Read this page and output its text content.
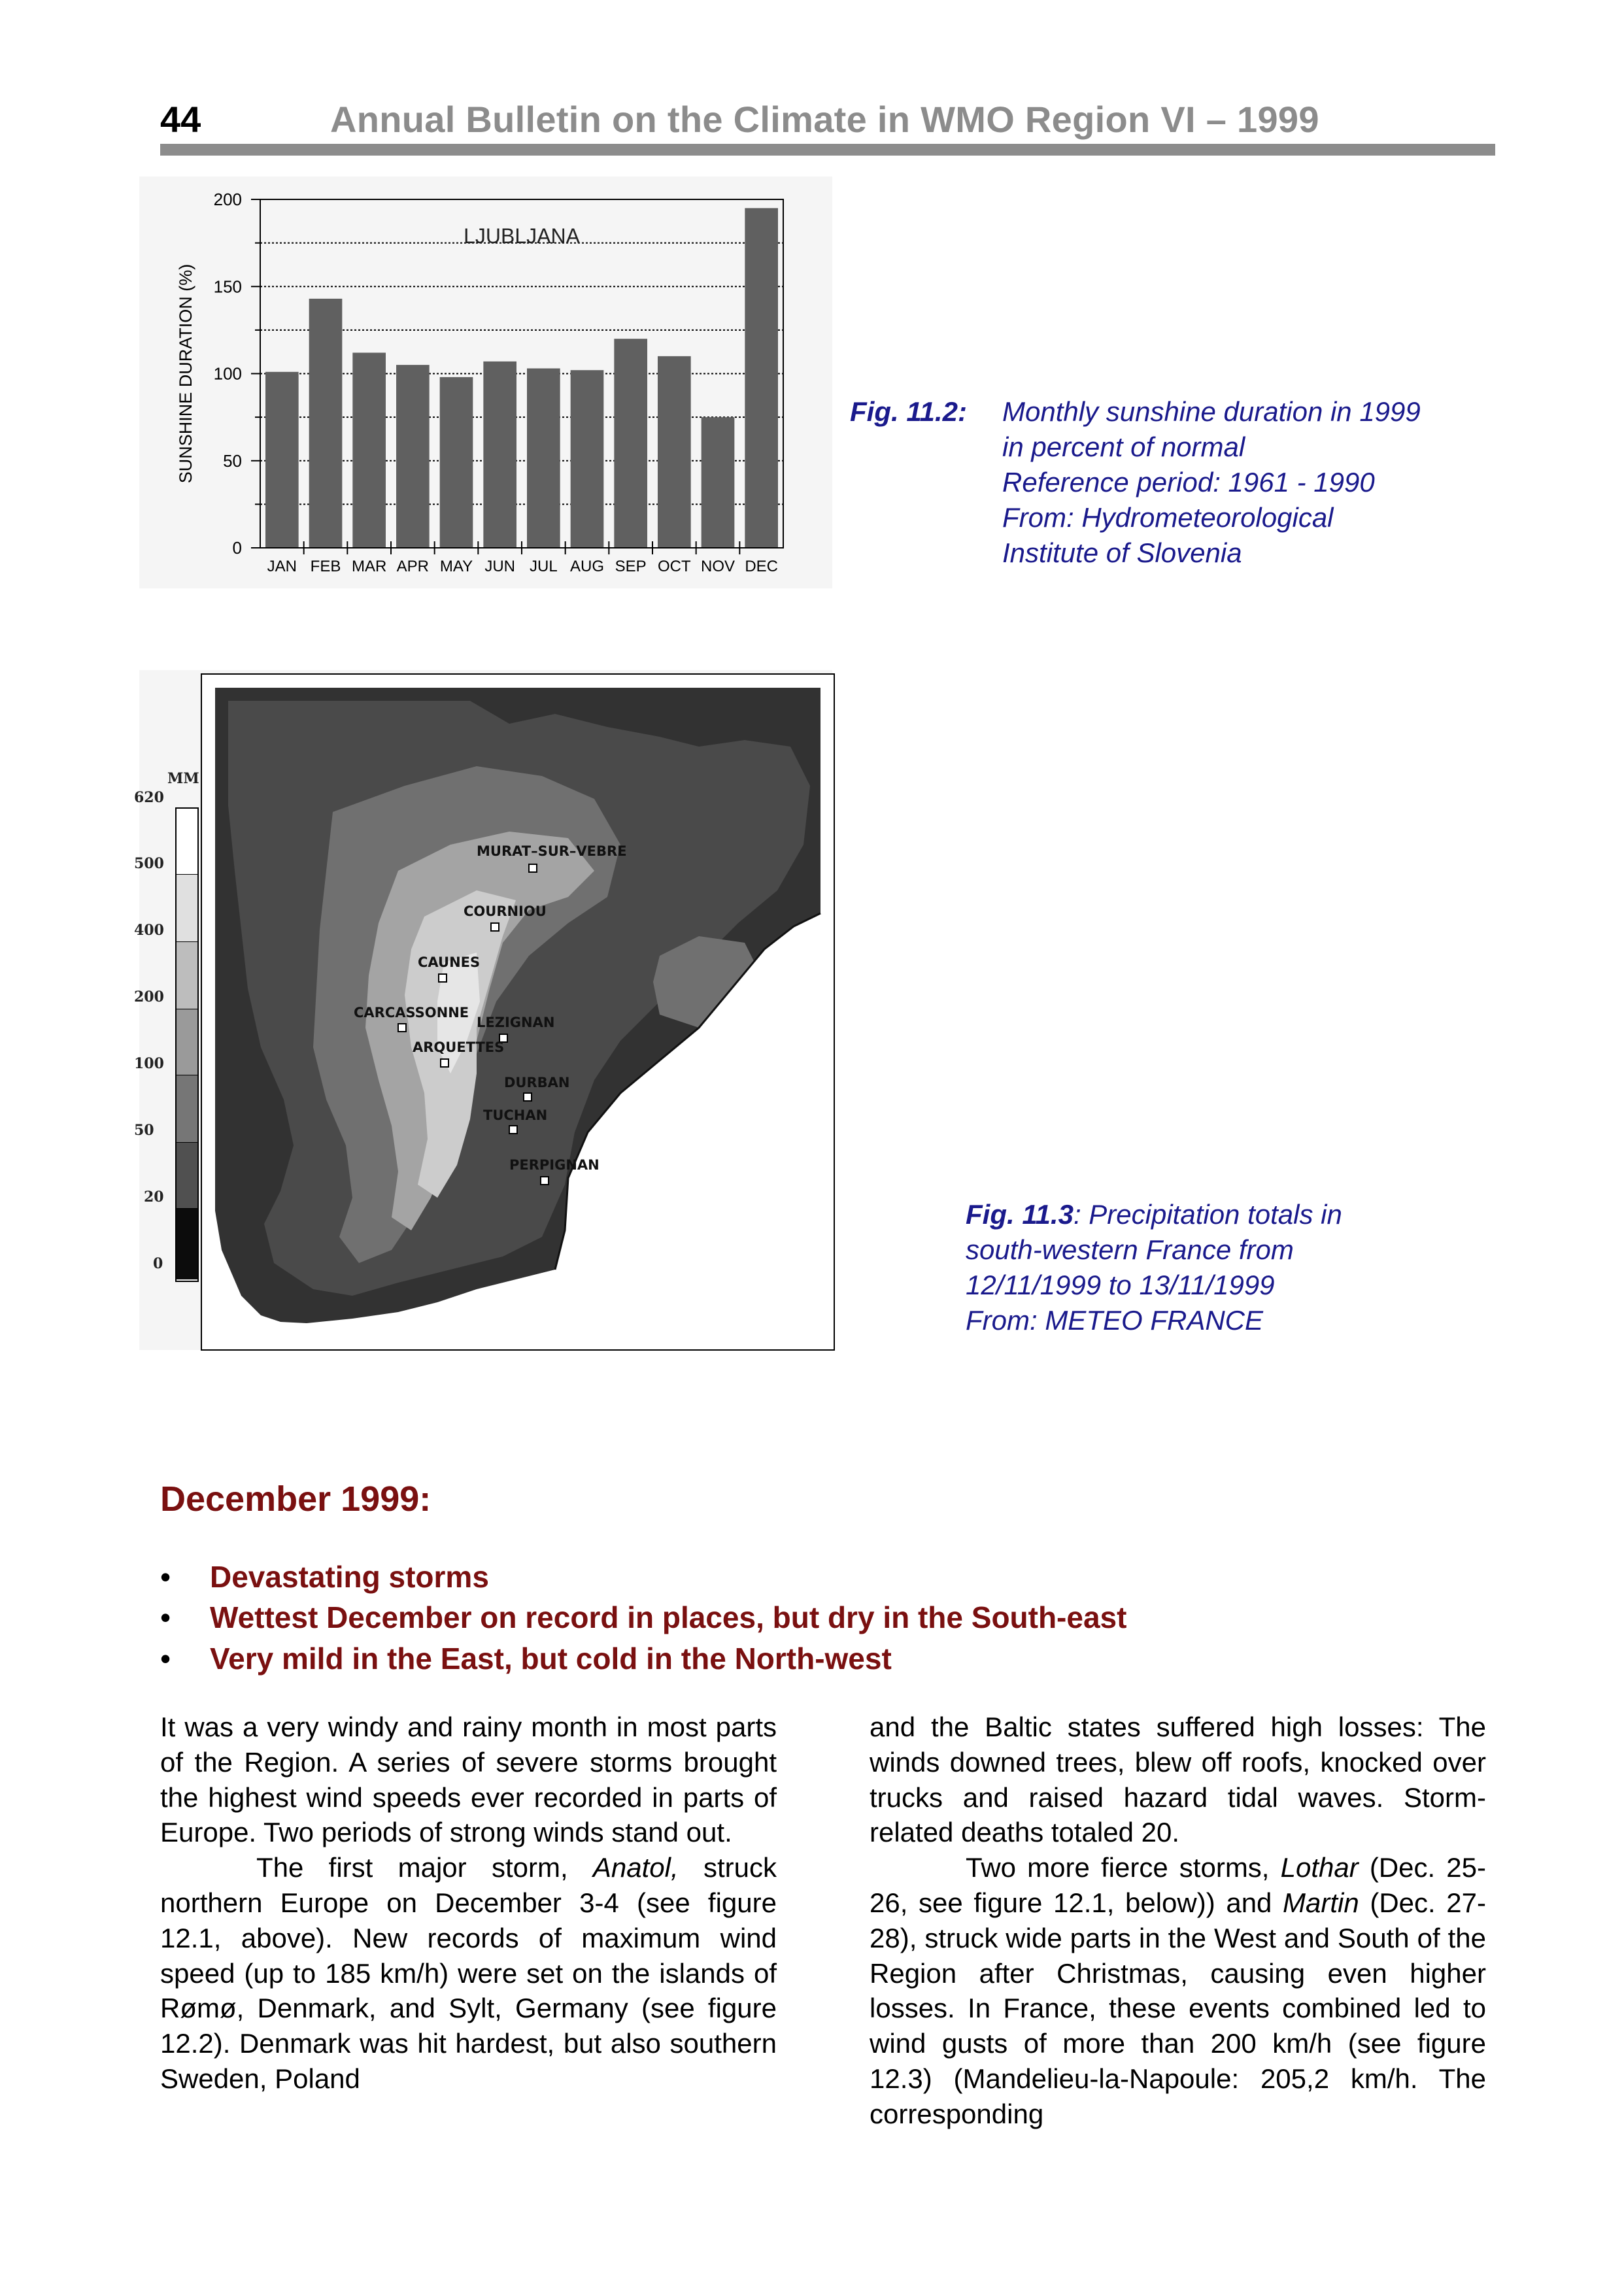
44	Annual Bulletin on the Climate in WMO Region VI – 1999
LJUBLJANA
0
50
100
150
200
JAN FEB MAR APR MAY JUN JUL AUG SEP OCT NOV DEC
SUNSHINE DURATION (%)	Fig. 11.2: Monthly sunshine duration in 1999
in percent of normal
Reference period: 1961 - 1990
From: Hydrometeorological
Institute of Slovenia
MM
620
500
400
200
100
50
20
0
MURAT–SUR–VEBRE
COURNIOU
CAUNES
CARCASSONNE
LEZIGNAN
ARQUETTES
DURBAN
TUCHAN
PERPIGNAN
Fig. 11.3: Precipitation totals in
south-western France from
12/11/1999 to 13/11/1999
From: METEO FRANCE
December 1999:
•	Devastating storms
•	Wettest December on record in places, but dry in the South-east
•	Very mild in the East, but cold in the North-west

It was a very windy and rainy month in most parts of the Region. A series of severe storms brought the highest wind speeds ever recorded in parts of Europe. Two periods of strong winds stand out.

The first major storm, Anatol, struck northern Europe on December 3-4 (see figure 12.1, above). New records of maximum wind speed (up to 185 km/h) were set on the islands of Rømø, Denmark, and Sylt, Germany (see figure 12.2). Denmark was hit hardest, but also southern Sweden, Poland

and the Baltic states suffered high losses: The winds downed trees, blew off roofs, knocked over trucks and raised hazard tidal waves. Storm-related deaths totaled 20.

Two more fierce storms, Lothar (Dec. 25-26, see figure 12.1, below)) and Martin (Dec. 27-28), struck wide parts in the West and South of the Region after Christmas, causing even higher losses. In France, these events combined led to wind gusts of more than 200 km/h (see figure 12.3) (Mandelieu-la-Napoule: 205,2 km/h. The corresponding
